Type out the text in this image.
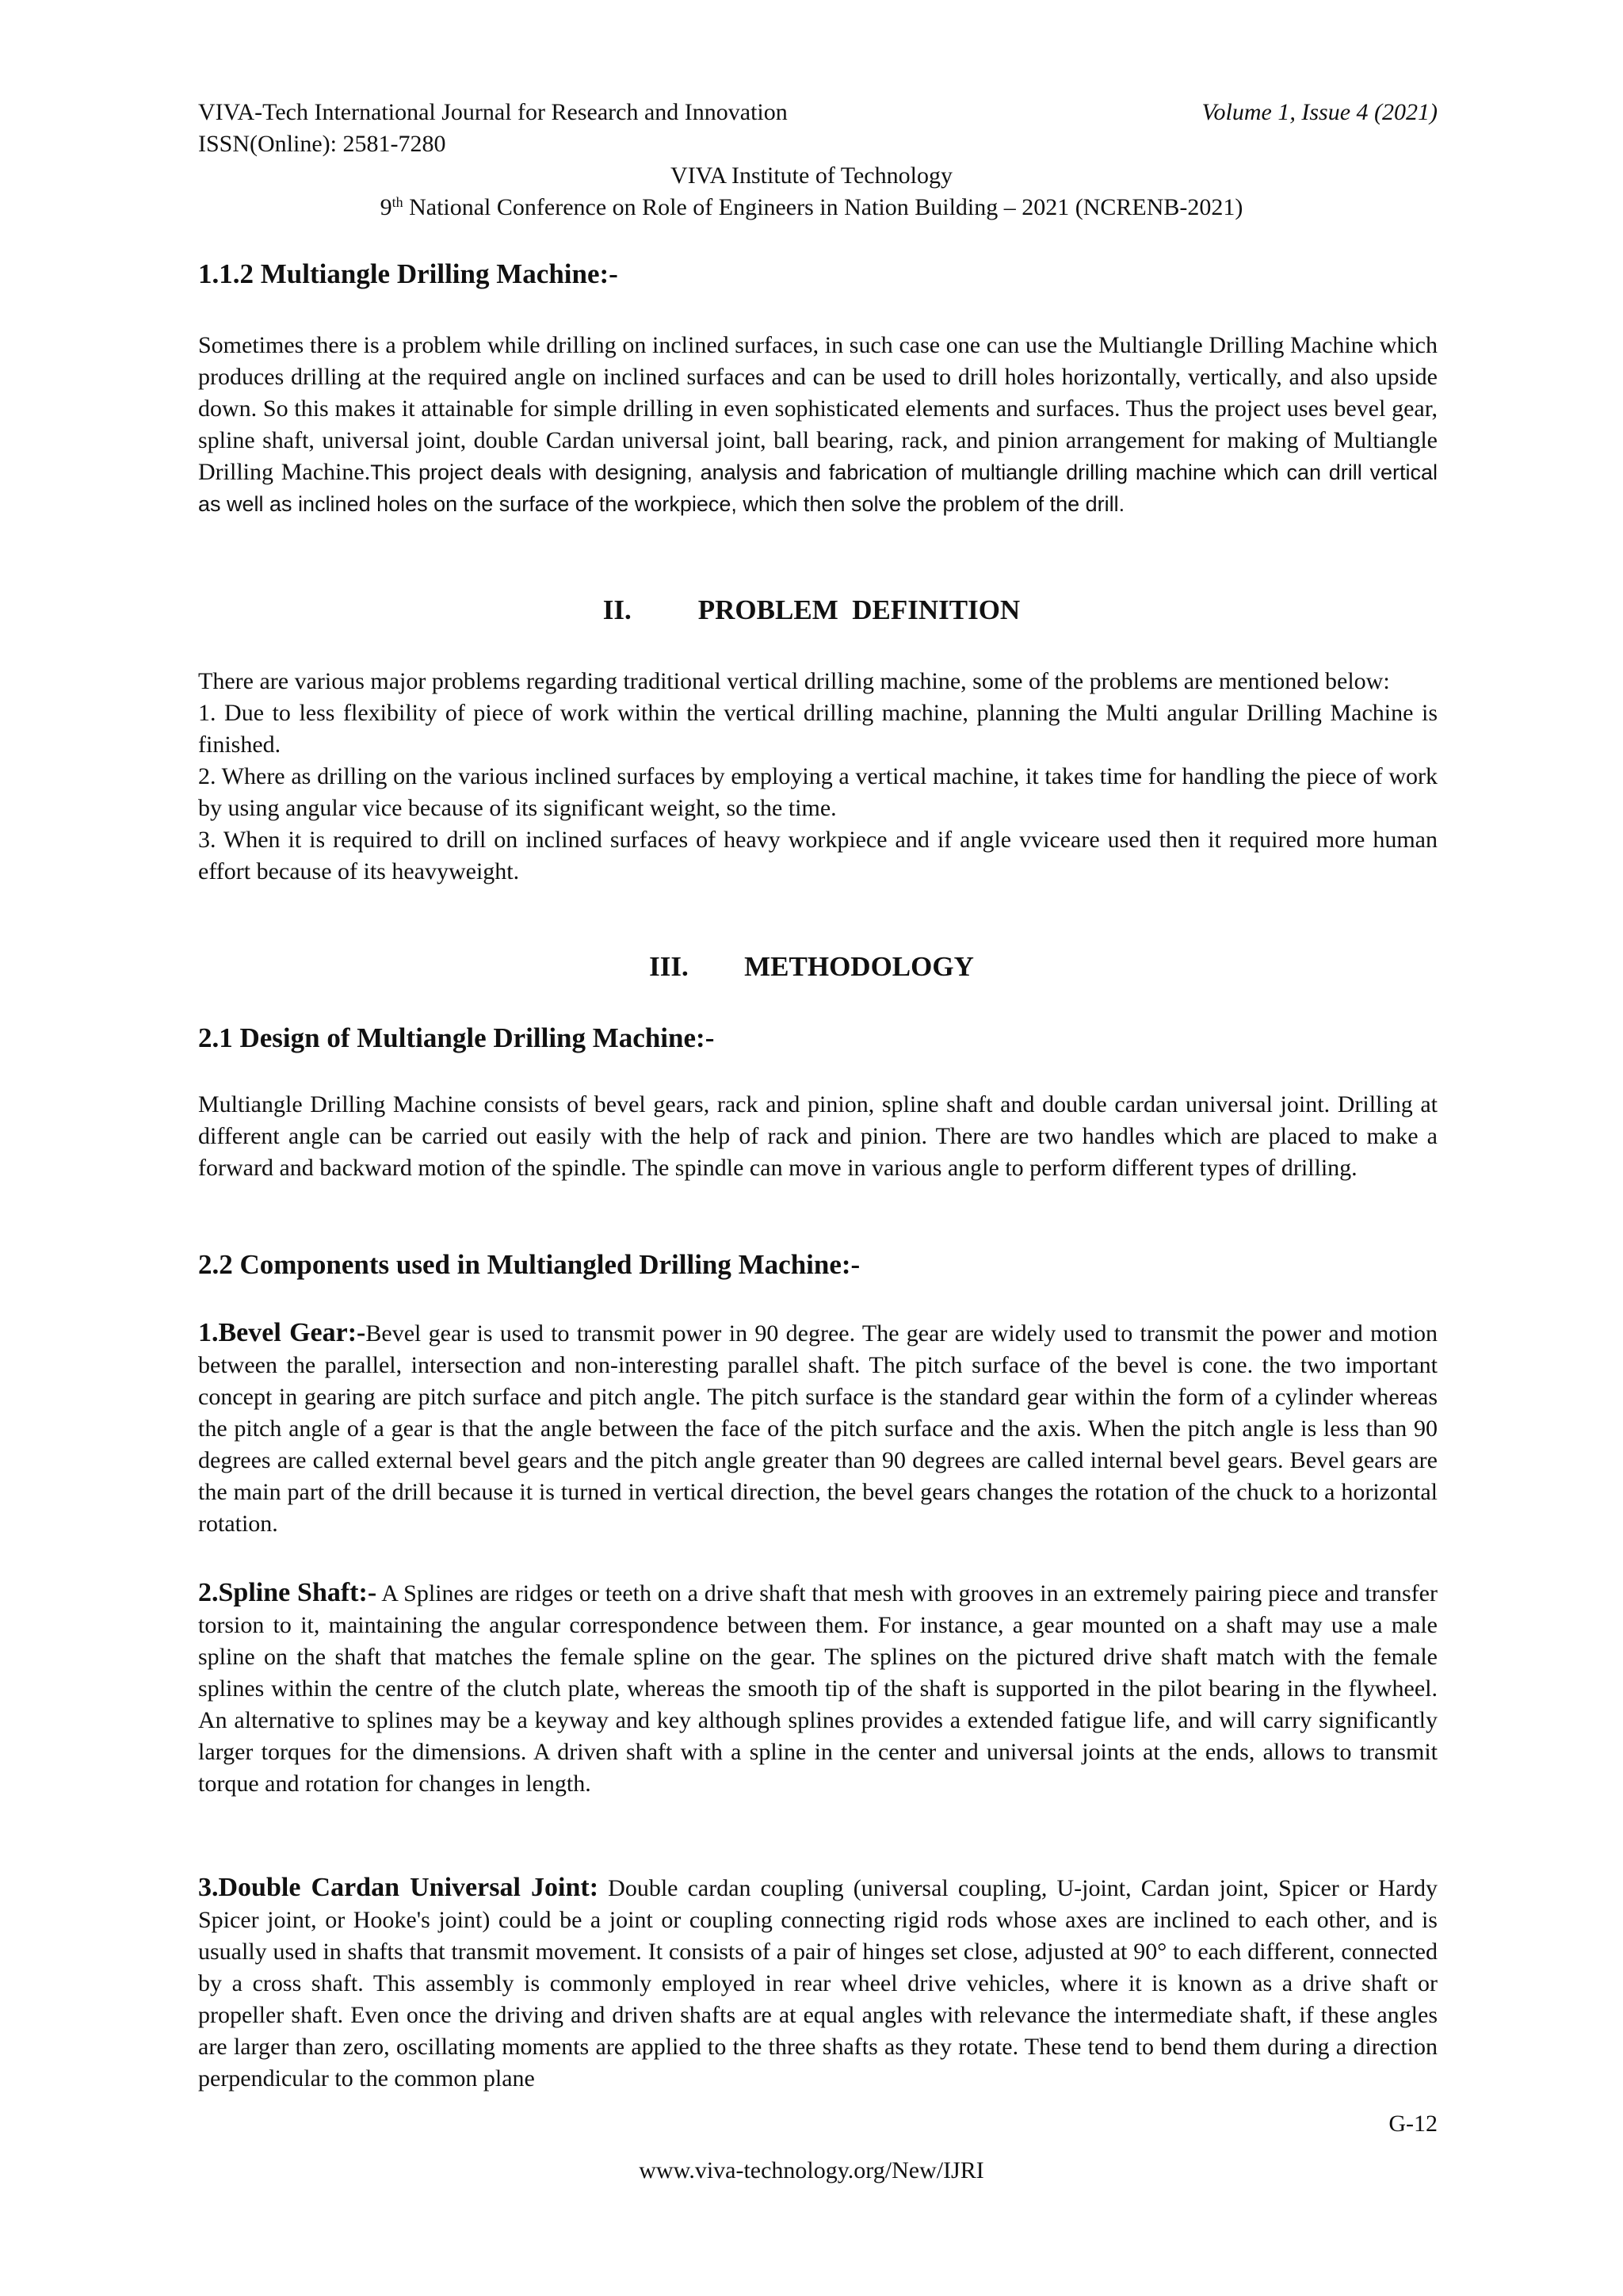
VIVA-Tech International Journal for Research and Innovation	Volume 1, Issue 4 (2021)
ISSN(Online): 2581-7280
VIVA Institute of Technology
9th National Conference on Role of Engineers in Nation Building – 2021 (NCRENB-2021)
1.1.2 Multiangle Drilling Machine:-
Sometimes there is a problem while drilling on inclined surfaces, in such case one can use the Multiangle Drilling Machine which produces drilling at the required angle on inclined surfaces and can be used to drill holes horizontally, vertically, and also upside down. So this makes it attainable for simple drilling in even sophisticated elements and surfaces. Thus the project uses bevel gear, spline shaft, universal joint, double Cardan universal joint, ball bearing, rack, and pinion arrangement for making of Multiangle Drilling Machine.This project deals with designing, analysis and fabrication of multiangle drilling machine which can drill vertical as well as inclined holes on the surface of the workpiece, which then solve the problem of the drill.
II. PROBLEM  DEFINITION

There are various major problems regarding traditional vertical drilling machine, some of the problems are mentioned below:

1. Due to less flexibility of piece of work within the vertical drilling machine, planning the Multi angular Drilling Machine is finished.

2. Where as drilling on the various inclined surfaces by employing a vertical machine, it takes time for handling the piece of work by using angular vice because of its significant weight, so the time.

3. When it is required to drill on inclined surfaces of heavy workpiece and if angle vviceare used then it required more human effort because of its heavyweight.

III. METHODOLOGY
2.1 Design of Multiangle Drilling Machine:-
Multiangle Drilling Machine consists of bevel gears, rack and pinion, spline shaft and double cardan universal joint. Drilling at different angle can be carried out easily with the help of rack and pinion. There are two handles which are placed to make a forward and backward motion of the spindle. The spindle can move in various angle to perform different types of drilling.
2.2 Components used in Multiangled Drilling Machine:-
1.Bevel Gear:-Bevel gear is used to transmit power in 90 degree. The gear are widely used to transmit the power and motion between the parallel, intersection and non-interesting parallel shaft. The pitch surface of the bevel is cone. the two important concept in gearing are pitch surface and pitch angle. The pitch surface is the standard gear within the form of a cylinder whereas the pitch angle of a gear is that the angle between the face of the pitch surface and the axis. When the pitch angle is less than 90 degrees are called external bevel gears and the pitch angle greater than 90 degrees are called internal bevel gears. Bevel gears are the main part of the drill because it is turned in vertical direction, the bevel gears changes the rotation of the chuck to a horizontal rotation.
2.Spline Shaft:- A Splines are ridges or teeth on a drive shaft that mesh with grooves in an extremely pairing piece and transfer torsion to it, maintaining the angular correspondence between them. For instance, a gear mounted on a shaft may use a male spline on the shaft that matches the female spline on the gear. The splines on the pictured drive shaft match with the female splines within the centre of the clutch plate, whereas the smooth tip of the shaft is supported in the pilot bearing in the flywheel. An alternative to splines may be a keyway and key although splines provides a extended fatigue life, and will carry significantly larger torques for the dimensions. A driven shaft with a spline in the center and universal joints at the ends, allows to transmit torque and rotation for changes in length.
3.Double Cardan Universal Joint: Double cardan coupling (universal coupling, U-joint, Cardan joint, Spicer or Hardy Spicer joint, or Hooke's joint) could be a joint or coupling connecting rigid rods whose axes are inclined to each other, and is usually used in shafts that transmit movement. It consists of a pair of hinges set close, adjusted at 90° to each different, connected by a cross shaft. This assembly is commonly employed in rear wheel drive vehicles, where it is known as a drive shaft or propeller shaft. Even once the driving and driven shafts are at equal angles with relevance the intermediate shaft, if these angles are larger than zero, oscillating moments are applied to the three shafts as they rotate. These tend to bend them during a direction perpendicular to the common plane
G-12
www.viva-technology.org/New/IJRI
